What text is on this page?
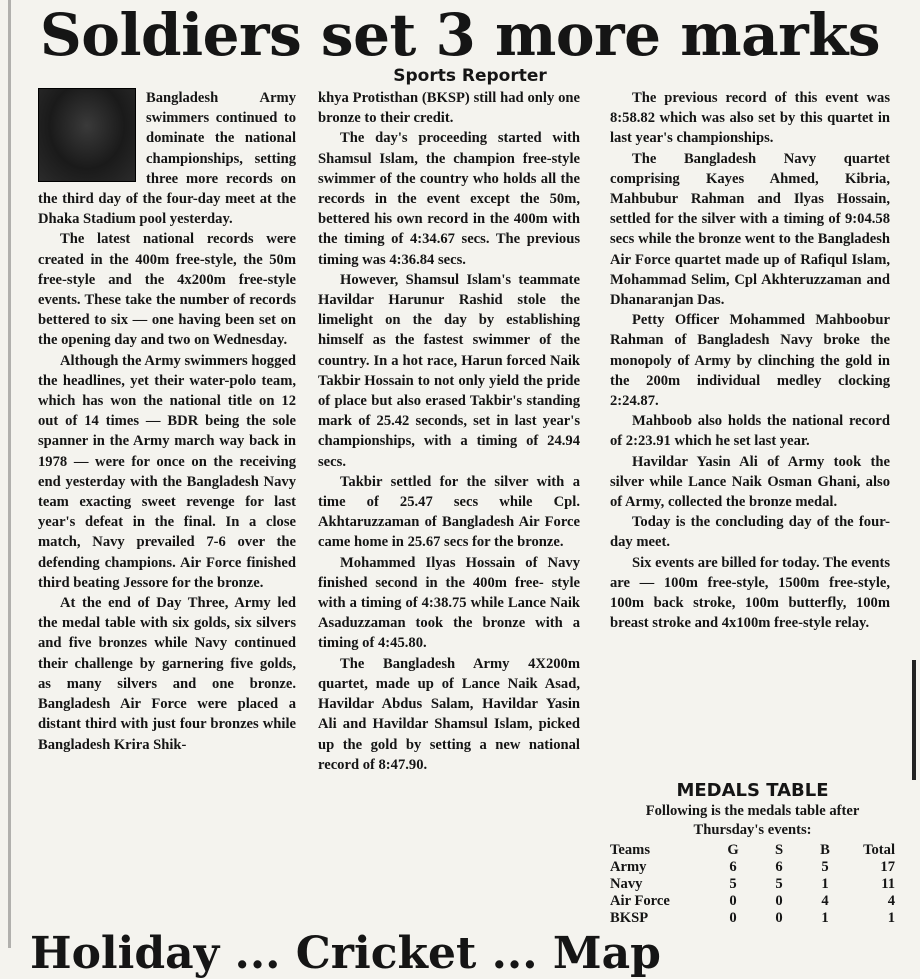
Soldiers set 3 more marks
Sports Reporter

Bangladesh Army swimmers continued to dominate the national championships, setting three more records on the third day of the four-day meet at the Dhaka Stadium pool yesterday.

The latest national records were created in the 400m free-style, the 50m free-style and the 4x200m free-style events. These take the number of records bettered to six — one having been set on the opening day and two on Wednesday.

Although the Army swimmers hogged the headlines, yet their water-polo team, which has won the national title on 12 out of 14 times — BDR being the sole spanner in the Army march way back in 1978 — were for once on the receiving end yesterday with the Bangladesh Navy team exacting sweet revenge for last year's defeat in the final. In a close match, Navy prevailed 7-6 over the defending champions. Air Force finished third beating Jessore for the bronze.

At the end of Day Three, Army led the medal table with six golds, six silvers and five bronzes while Navy continued their challenge by garnering five golds, as many silvers and one bronze. Bangladesh Air Force were placed a distant third with just four bronzes while Bangladesh Krira Shik-

khya Protisthan (BKSP) still had only one bronze to their credit.

The day's proceeding started with Shamsul Islam, the champion free-style swimmer of the country who holds all the records in the event except the 50m, bettered his own record in the 400m with the timing of 4:34.67 secs. The previous timing was 4:36.84 secs.

However, Shamsul Islam's teammate Havildar Harunur Rashid stole the limelight on the day by establishing himself as the fastest swimmer of the country. In a hot race, Harun forced Naik Takbir Hossain to not only yield the pride of place but also erased Takbir's standing mark of 25.42 seconds, set in last year's championships, with a timing of 24.94 secs.

Takbir settled for the silver with a time of 25.47 secs while Cpl. Akhtaruzzaman of Bangladesh Air Force came home in 25.67 secs for the bronze.

Mohammed Ilyas Hossain of Navy finished second in the 400m free- style with a timing of 4:38.75 while Lance Naik Asaduzzaman took the bronze with a timing of 4:45.80.

The Bangladesh Army 4X200m quartet, made up of Lance Naik Asad, Havildar Abdus Salam, Havildar Yasin Ali and Havildar Shamsul Islam, picked up the gold by setting a new national record of 8:47.90.

The previous record of this event was 8:58.82 which was also set by this quartet in last year's championships.

The Bangladesh Navy quartet comprising Kayes Ahmed, Kibria, Mahbubur Rahman and Ilyas Hossain, settled for the silver with a timing of 9:04.58 secs while the bronze went to the Bangladesh Air Force quartet made up of Rafiqul Islam, Mohammad Selim, Cpl Akhteruzzaman and Dhanaranjan Das.

Petty Officer Mohammed Mahboobur Rahman of Bangladesh Navy broke the monopoly of Army by clinching the gold in the 200m individual medley clocking 2:24.87.

Mahboob also holds the national record of 2:23.91 which he set last year.

Havildar Yasin Ali of Army took the silver while Lance Naik Osman Ghani, also of Army, collected the bronze medal.

Today is the concluding day of the four-day meet.

Six events are billed for today. The events are — 100m free-style, 1500m free-style, 100m back stroke, 100m butterfly, 100m breast stroke and 4x100m free-style relay.

MEDALS TABLE
Following is the medals table after Thursday's events:
Teams	G	S	B	Total
Army	6	6	5	17
Navy	5	5	1	11
Air Force	0	0	4	4
BKSP	0	0	1	1
Holiday ... Cricket ... Map
